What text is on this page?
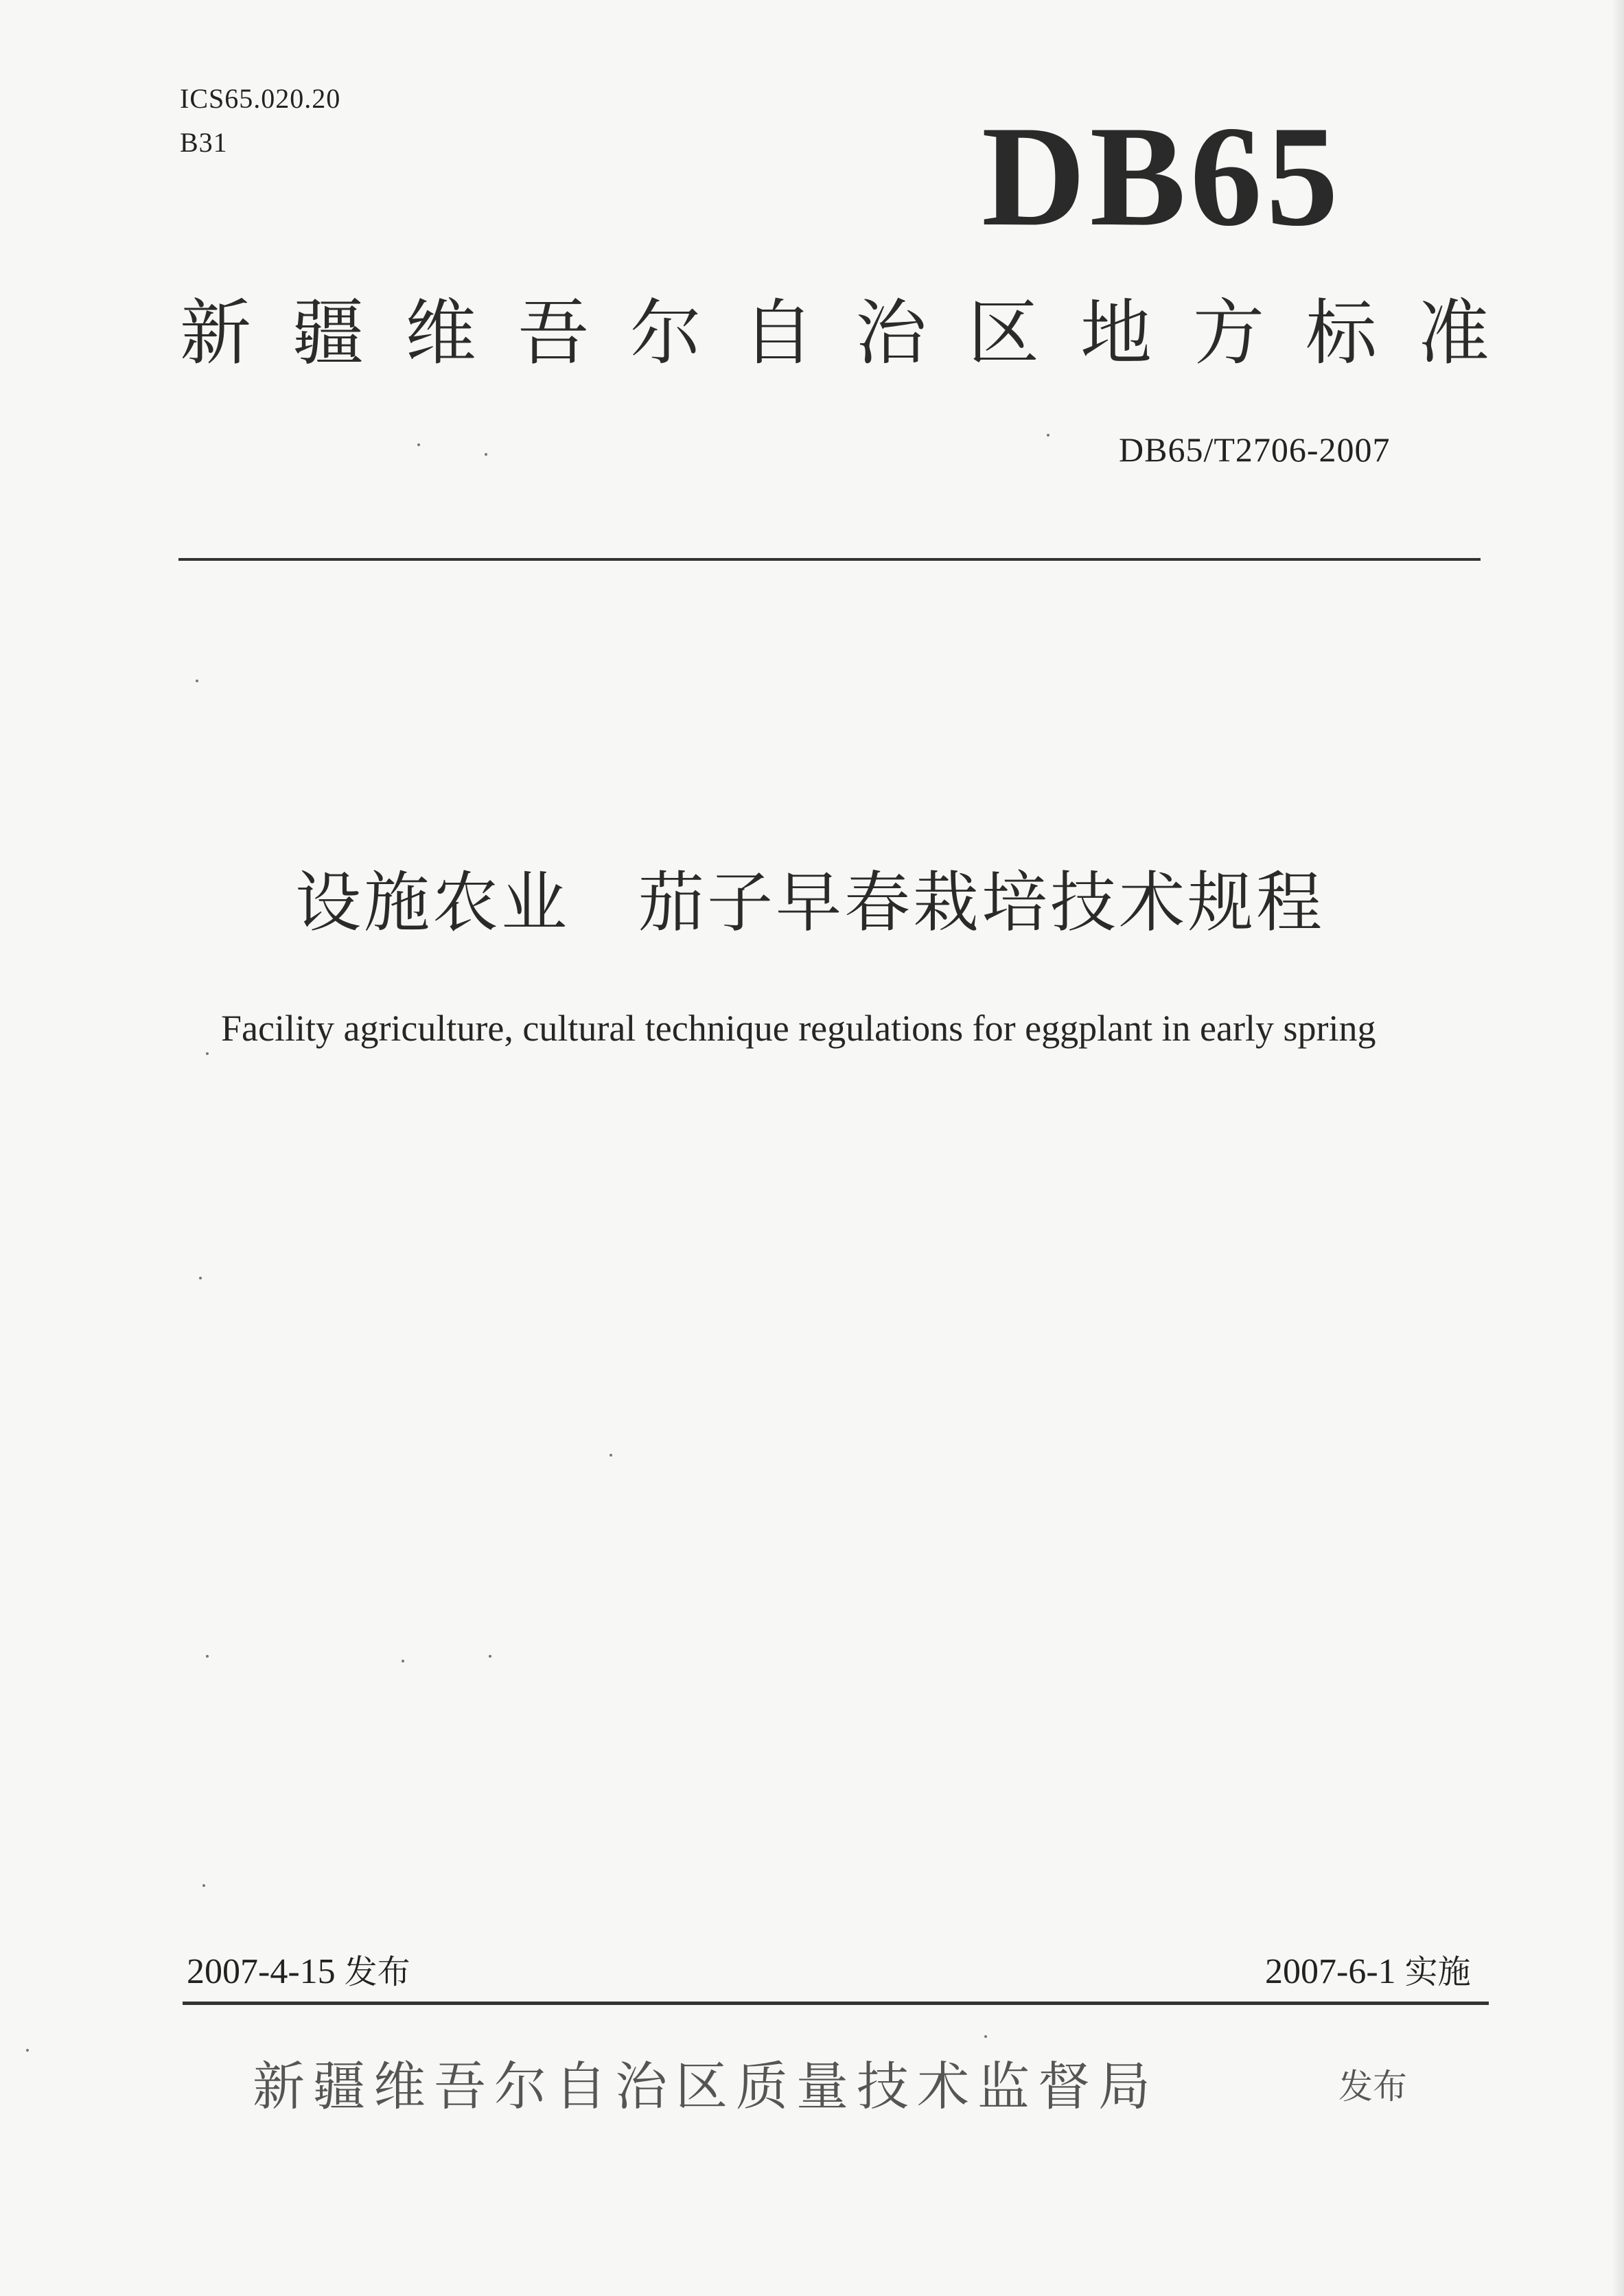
ICS65.020.20
B31	DB65
新疆维吾尔自治区地方标准
DB65/T2706-2007
设施农业 茄子早春栽培技术规程
Facility agriculture, cultural technique regulations for eggplant in early spring
2007-4-15 发布	2007-6-1 实施
新疆维吾尔自治区质量技术监督局	发布
